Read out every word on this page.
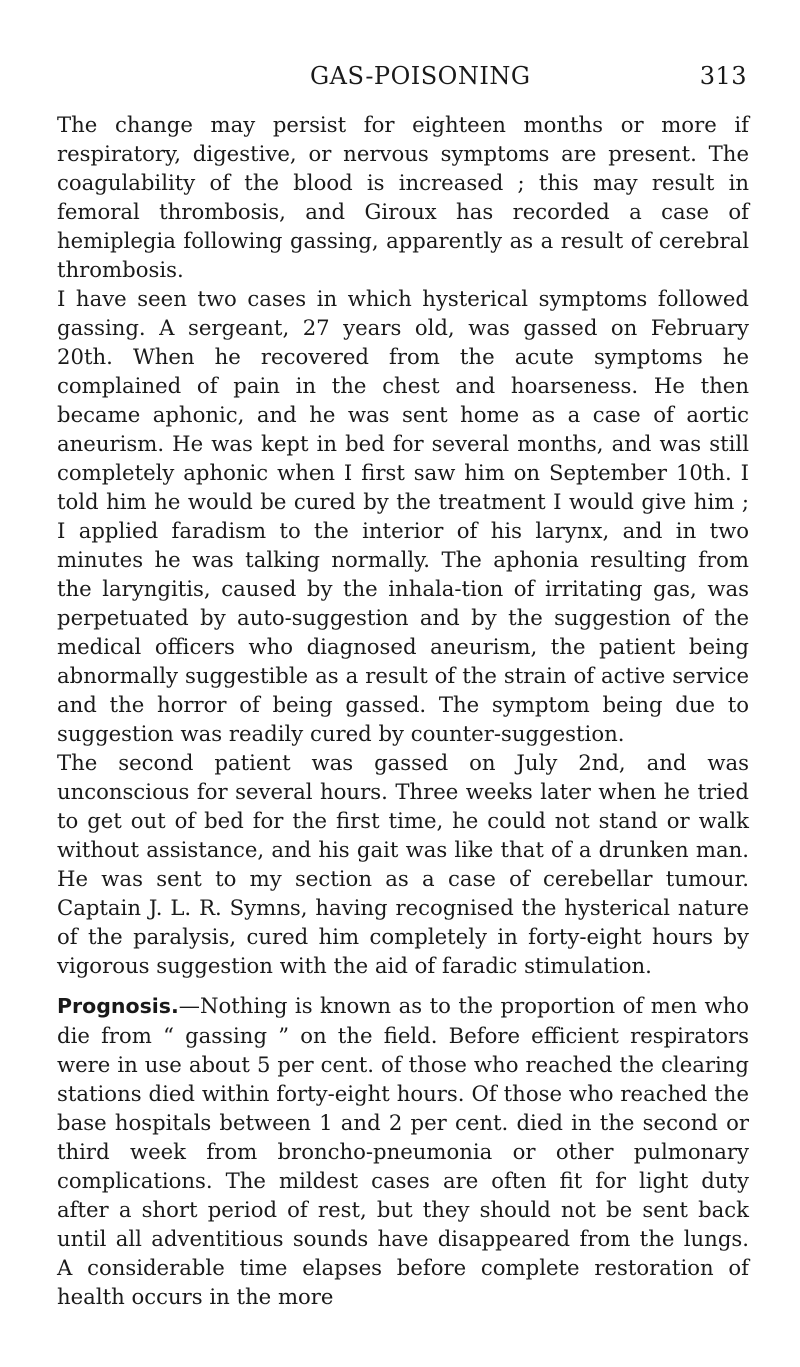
GAS-POISONING	313

The change may persist for eighteen months or more if respiratory, digestive, or nervous symptoms are present. The coagulability of the blood is increased ; this may result in femoral thrombosis, and Giroux has recorded a case of hemiplegia following gassing, apparently as a result of cerebral thrombosis.

I have seen two cases in which hysterical symptoms followed gassing. A sergeant, 27 years old, was gassed on February 20th. When he recovered from the acute symptoms he complained of pain in the chest and hoarseness. He then became aphonic, and he was sent home as a case of aortic aneurism. He was kept in bed for several months, and was still completely aphonic when I first saw him on September 10th. I told him he would be cured by the treatment I would give him ; I applied faradism to the interior of his larynx, and in two minutes he was talking normally. The aphonia resulting from the laryngitis, caused by the inhala-tion of irritating gas, was perpetuated by auto-suggestion and by the suggestion of the medical officers who diagnosed aneurism, the patient being abnormally suggestible as a result of the strain of active service and the horror of being gassed. The symptom being due to suggestion was readily cured by counter-suggestion.

The second patient was gassed on July 2nd, and was unconscious for several hours. Three weeks later when he tried to get out of bed for the first time, he could not stand or walk without assistance, and his gait was like that of a drunken man. He was sent to my section as a case of cerebellar tumour. Captain J. L. R. Symns, having recognised the hysterical nature of the paralysis, cured him completely in forty-eight hours by vigorous suggestion with the aid of faradic stimulation.

Prognosis.—Nothing is known as to the proportion of men who die from “ gassing ” on the field. Before efficient respirators were in use about 5 per cent. of those who reached the clearing stations died within forty-eight hours. Of those who reached the base hospitals between 1 and 2 per cent. died in the second or third week from broncho-pneumonia or other pulmonary complications. The mildest cases are often fit for light duty after a short period of rest, but they should not be sent back until all adventitious sounds have disappeared from the lungs. A considerable time elapses before complete restoration of health occurs in the more
